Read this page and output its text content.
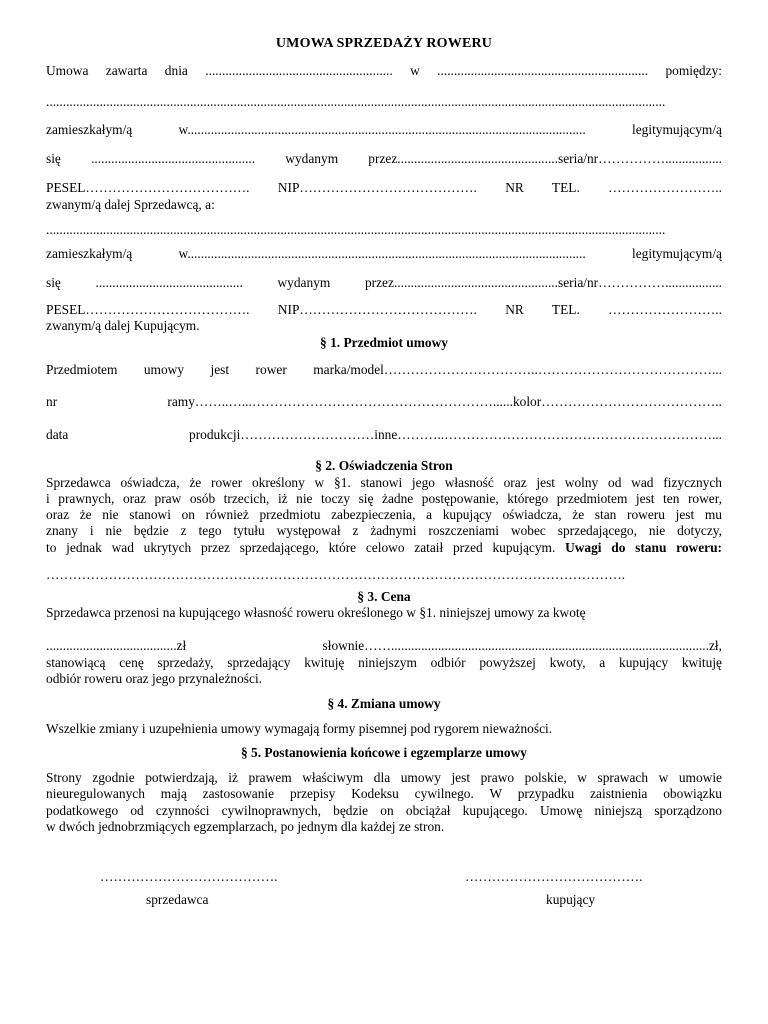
UMOWA SPRZEDAŻY ROWERU
Umowa zawarta dnia ........................................................ w ............................................................... pomiędzy:
.........................................................................................................................................................................................
zamieszkałym/ą w....................................................................................................................... legitymującym/ą
się ................................................. wydanym przez................................................seria/nr…………….................
PESEL………………………………. NIP…………………………………. NR TEL. ……………………..
zwanym/ą dalej Sprzedawcą, a:
.........................................................................................................................................................................................
zamieszkałym/ą w....................................................................................................................... legitymującym/ą
się ............................................ wydanym przez.................................................seria/nr…………….................
PESEL………………………………. NIP…………………………………. NR TEL. ……………………..
zwanym/ą dalej Kupującym.
§ 1. Przedmiot umowy
Przedmiotem umowy jest rower marka/model……………………………..…………………………………...
nr ramy……..…...………………………………………………......kolor…………………………………..
data produkcji…………………………inne………..……………………………………………………...
§ 2. Oświadczenia Stron
Sprzedawca oświadcza, że rower określony w §1. stanowi jego własność oraz jest wolny od wad fizycznych
i prawnych, oraz praw osób trzecich, iż nie toczy się żadne postępowanie, którego przedmiotem jest ten rower,
oraz że nie stanowi on również przedmiotu zabezpieczenia, a kupujący oświadcza, że stan roweru jest mu
znany i nie będzie z tego tytułu występował z żadnymi roszczeniami wobec sprzedającego, nie dotyczy,
to jednak wad ukrytych przez sprzedającego, które celowo zataił przed kupującym. Uwagi do stanu roweru:
………………………………………………………………………………………………………………….
§ 3. Cena
Sprzedawca przenosi na kupującego własność roweru określonego w §1. niniejszej umowy za kwotę
.......................................zł słownie……...............................................................................................zł,
stanowiącą cenę sprzedaży, sprzedający kwituję niniejszym odbiór powyższej kwoty, a kupujący kwituję
odbiór roweru oraz jego przynależności.
§ 4. Zmiana umowy
Wszelkie zmiany i uzupełnienia umowy wymagają formy pisemnej pod rygorem nieważności.
§ 5. Postanowienia końcowe i egzemplarze umowy
Strony zgodnie potwierdzają, iż prawem właściwym dla umowy jest prawo polskie, w sprawach w umowie
nieuregulowanych mają zastosowanie przepisy Kodeksu cywilnego. W przypadku zaistnienia obowiązku
podatkowego od czynności cywilnoprawnych, będzie on obciążał kupującego. Umowę niniejszą sporządzono
w dwóch jednobrzmiących egzemplarzach, po jednym dla każdej ze stron.
………………………………….	………………………………….
sprzedawca	kupujący
